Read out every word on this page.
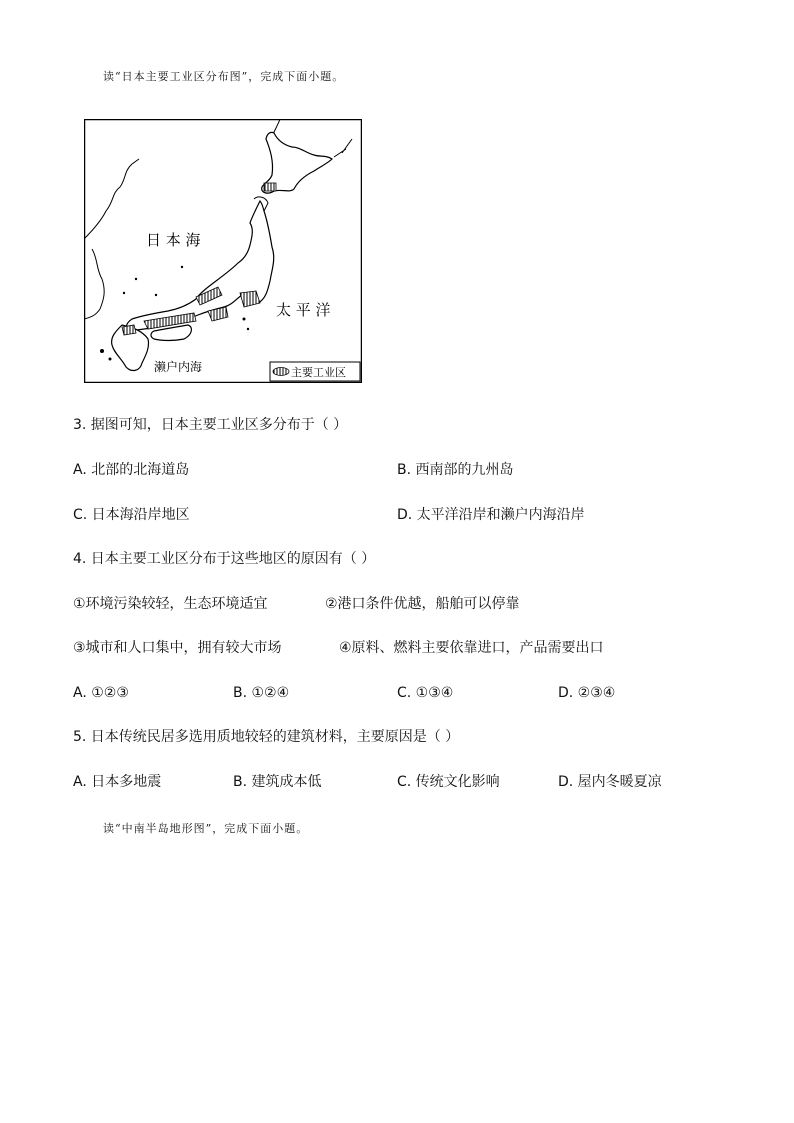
读“日本主要工业区分布图”，完成下面小题。
日 本 海
太 平 洋
濑户内海	主要工业区
3. 据图可知，日本主要工业区多分布于（ ）
A. 北部的北海道岛	B. 西南部的九州岛
C. 日本海沿岸地区	D. 太平洋沿岸和濑户内海沿岸
4. 日本主要工业区分布于这些地区的原因有（ ）
①环境污染较轻，生态环境适宜	②港口条件优越，船舶可以停靠
③城市和人口集中，拥有较大市场	④原料、燃料主要依靠进口，产品需要出口
A. ①②③	B. ①②④	C. ①③④	D. ②③④
5. 日本传统民居多选用质地较轻的建筑材料，主要原因是（ ）
A. 日本多地震	B. 建筑成本低	C. 传统文化影响	D. 屋内冬暖夏凉
读“中南半岛地形图”，完成下面小题。
